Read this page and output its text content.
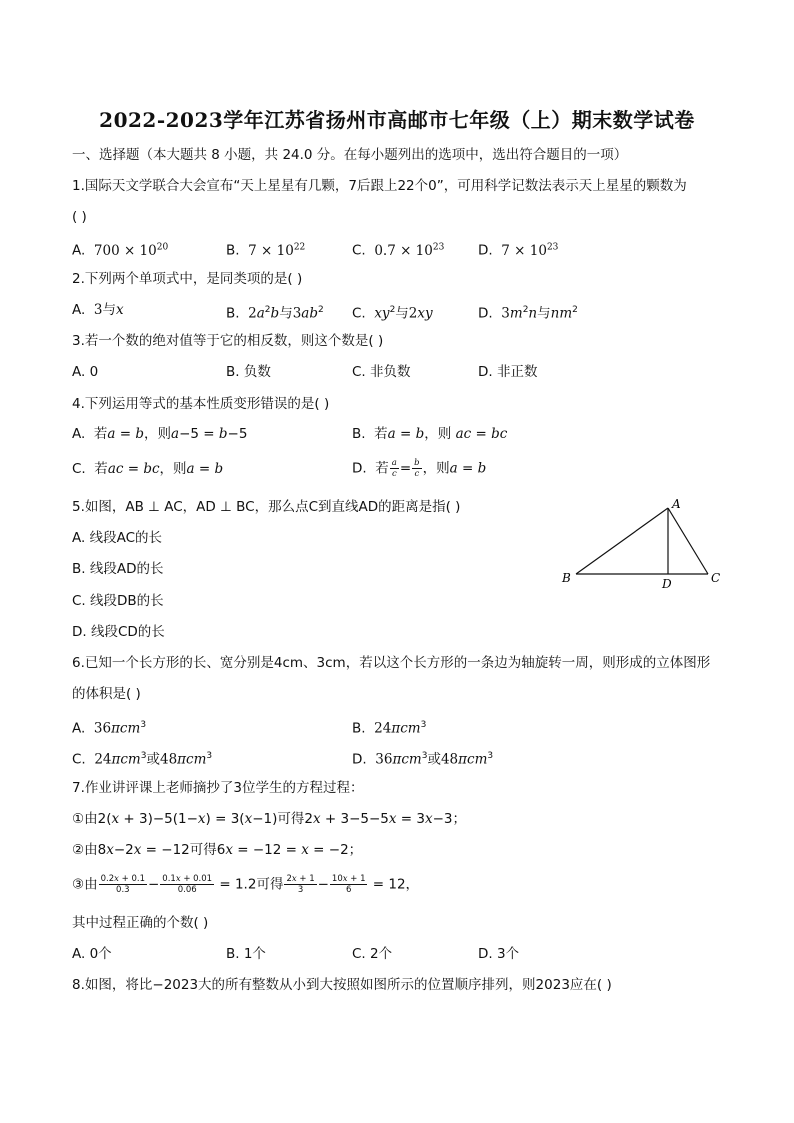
2022-2023学年江苏省扬州市高邮市七年级（上）期末数学试卷
一、选择题（本大题共 8 小题，共 24.0 分。在每小题列出的选项中，选出符合题目的一项）
1.国际天文学联合大会宣布“天上星星有几颗，7后跟上22个0”，可用科学记数法表示天上星星的颗数为
( )
A. $700 \times 10^{20}$	B. $7 \times 10^{22}$	C. $0.7 \times 10^{23}$ D. $7 \times 10^{23}$
2.下列两个单项式中，是同类项的是( )
A.  3与x	B.  $2a^2b$与$3ab^2$ C.  $xy^2$与2xy	D.  $3m^2n$与$nm^2$
3.若一个数的绝对值等于它的相反数，则这个数是( )
A. 0	B. 负数	C. 非负数	D. 非正数
4.下列运用等式的基本性质变形错误的是( )
A.  若a = b，则a−5 = b−5	B.  若a = b，则 ac = bc
C.  若ac = bc，则a = b	D.  若 $\frac{a}{c} = \frac{b}{c}$ ，则a = b
5.如图，AB ⊥ AC，AD ⊥ BC，那么点C到直线AD的距离是指( )
A. 线段AC的长
B. 线段AD的长
C. 线段DB的长
D. 线段CD的长
A
B	C
D
6.已知一个长方形的长、宽分别是4cm、3cm，若以这个长方形的一条边为轴旋转一周，则形成的立体图形
的体积是( )
A.  36πcm$^3$	B.  24πcm$^3$
C.  24πcm$^3$或48πcm$^3$	D.  36πcm$^3$或48πcm$^3$
7.作业讲评课上老师摘抄了3位学生的方程过程：
①由2(x + 3)−5(1−x) = 3(x−1)可得2x + 3−5−5x = 3x−3；
②由8x−2x = −12可得6x = −12 = x = −2；
③由 $\frac{0.2x + 0.1}{0.3} - \frac{0.1x + 0.01}{0.06} = 1.2$可得 $\frac{2x + 1}{3} - \frac{10x + 1}{6} = 12$，
其中过程正确的个数( )
A. 0个	B. 1个	C. 2个	D. 3个
8.如图，将比−2023大的所有整数从小到大按照如图所示的位置顺序排列，则2023应在( )
